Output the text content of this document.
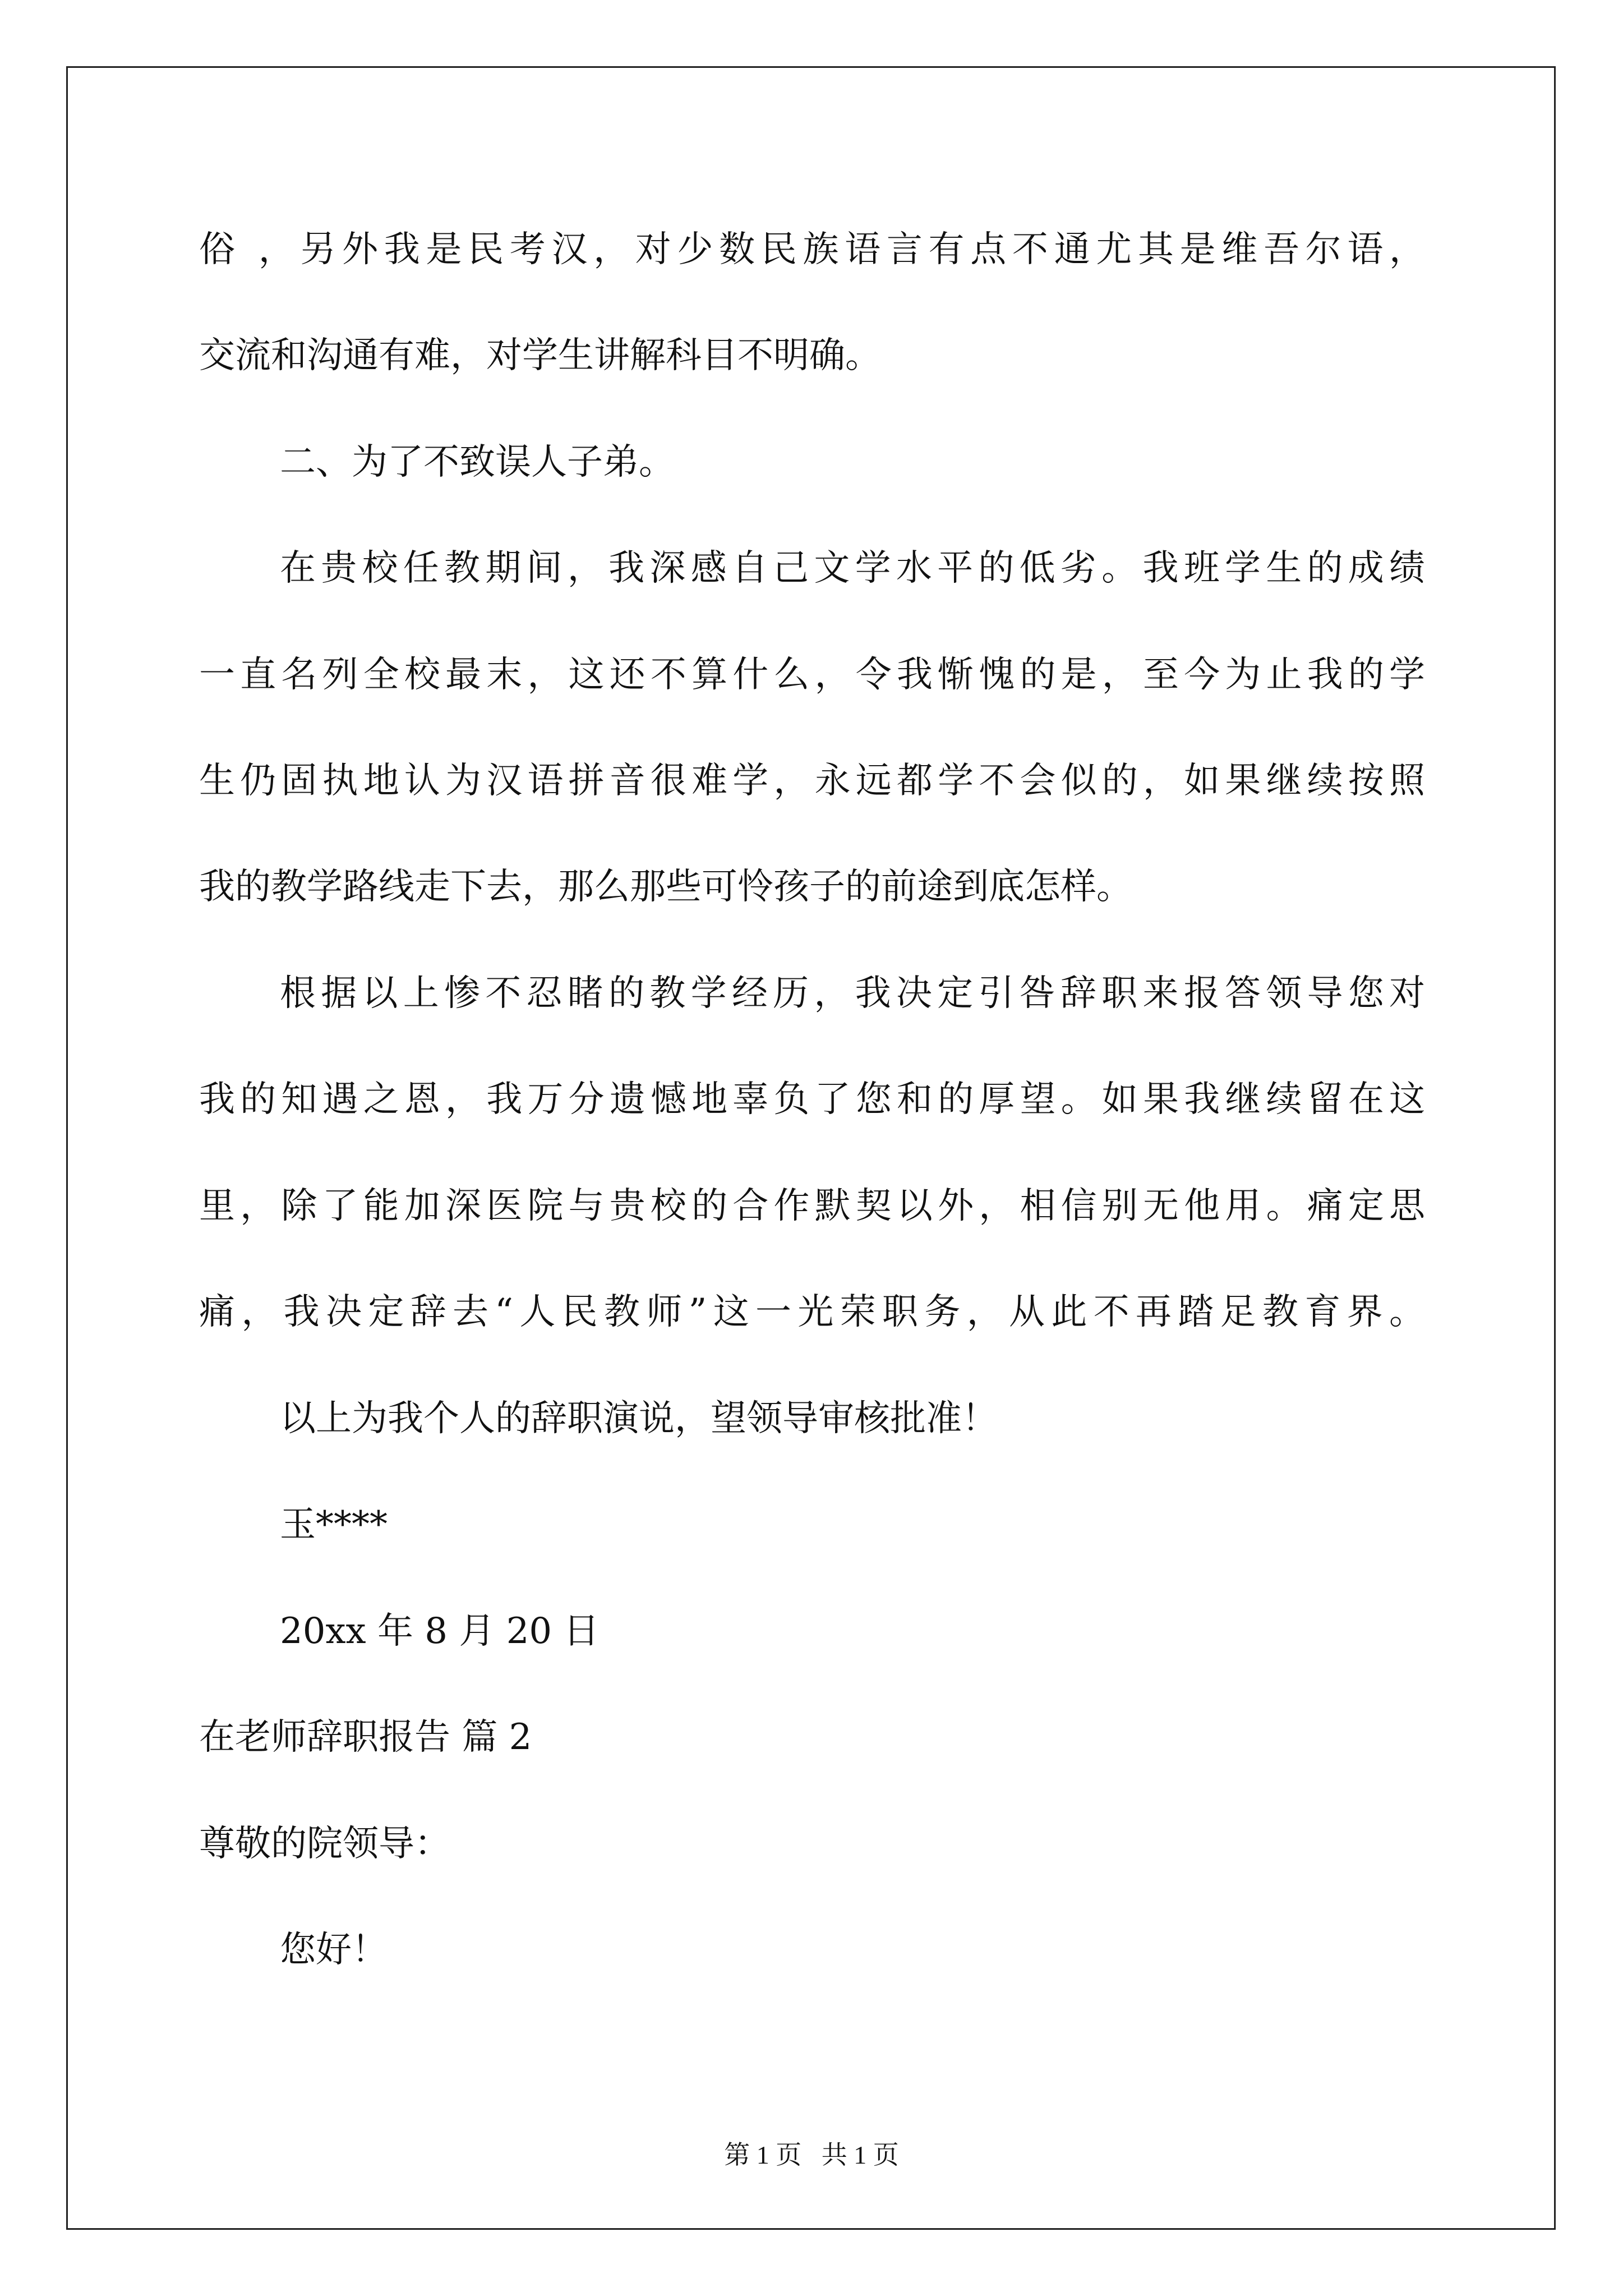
俗 ，另外我是民考汉，对少数民族语言有点不通尤其是维吾尔语，
交流和沟通有难，对学生讲解科目不明确。
二、为了不致误人子弟。
在贵校任教期间，我深感自己文学水平的低劣。我班学生的成绩
一直名列全校最末，这还不算什么，令我惭愧的是，至今为止我的学
生仍固执地认为汉语拼音很难学，永远都学不会似的，如果继续按照
我的教学路线走下去，那么那些可怜孩子的前途到底怎样。
根据以上惨不忍睹的教学经历，我决定引咎辞职来报答领导您对
我的知遇之恩，我万分遗憾地辜负了您和的厚望。如果我继续留在这
里，除了能加深医院与贵校的合作默契以外，相信别无他用。痛定思
痛，我决定辞去“人民教师”这一光荣职务，从此不再踏足教育界。
以上为我个人的辞职演说，望领导审核批准！
玉****
20xx 年 8 月 20 日
在老师辞职报告 篇 2
尊敬的院领导：
您好！
第 1 页 共 1 页
